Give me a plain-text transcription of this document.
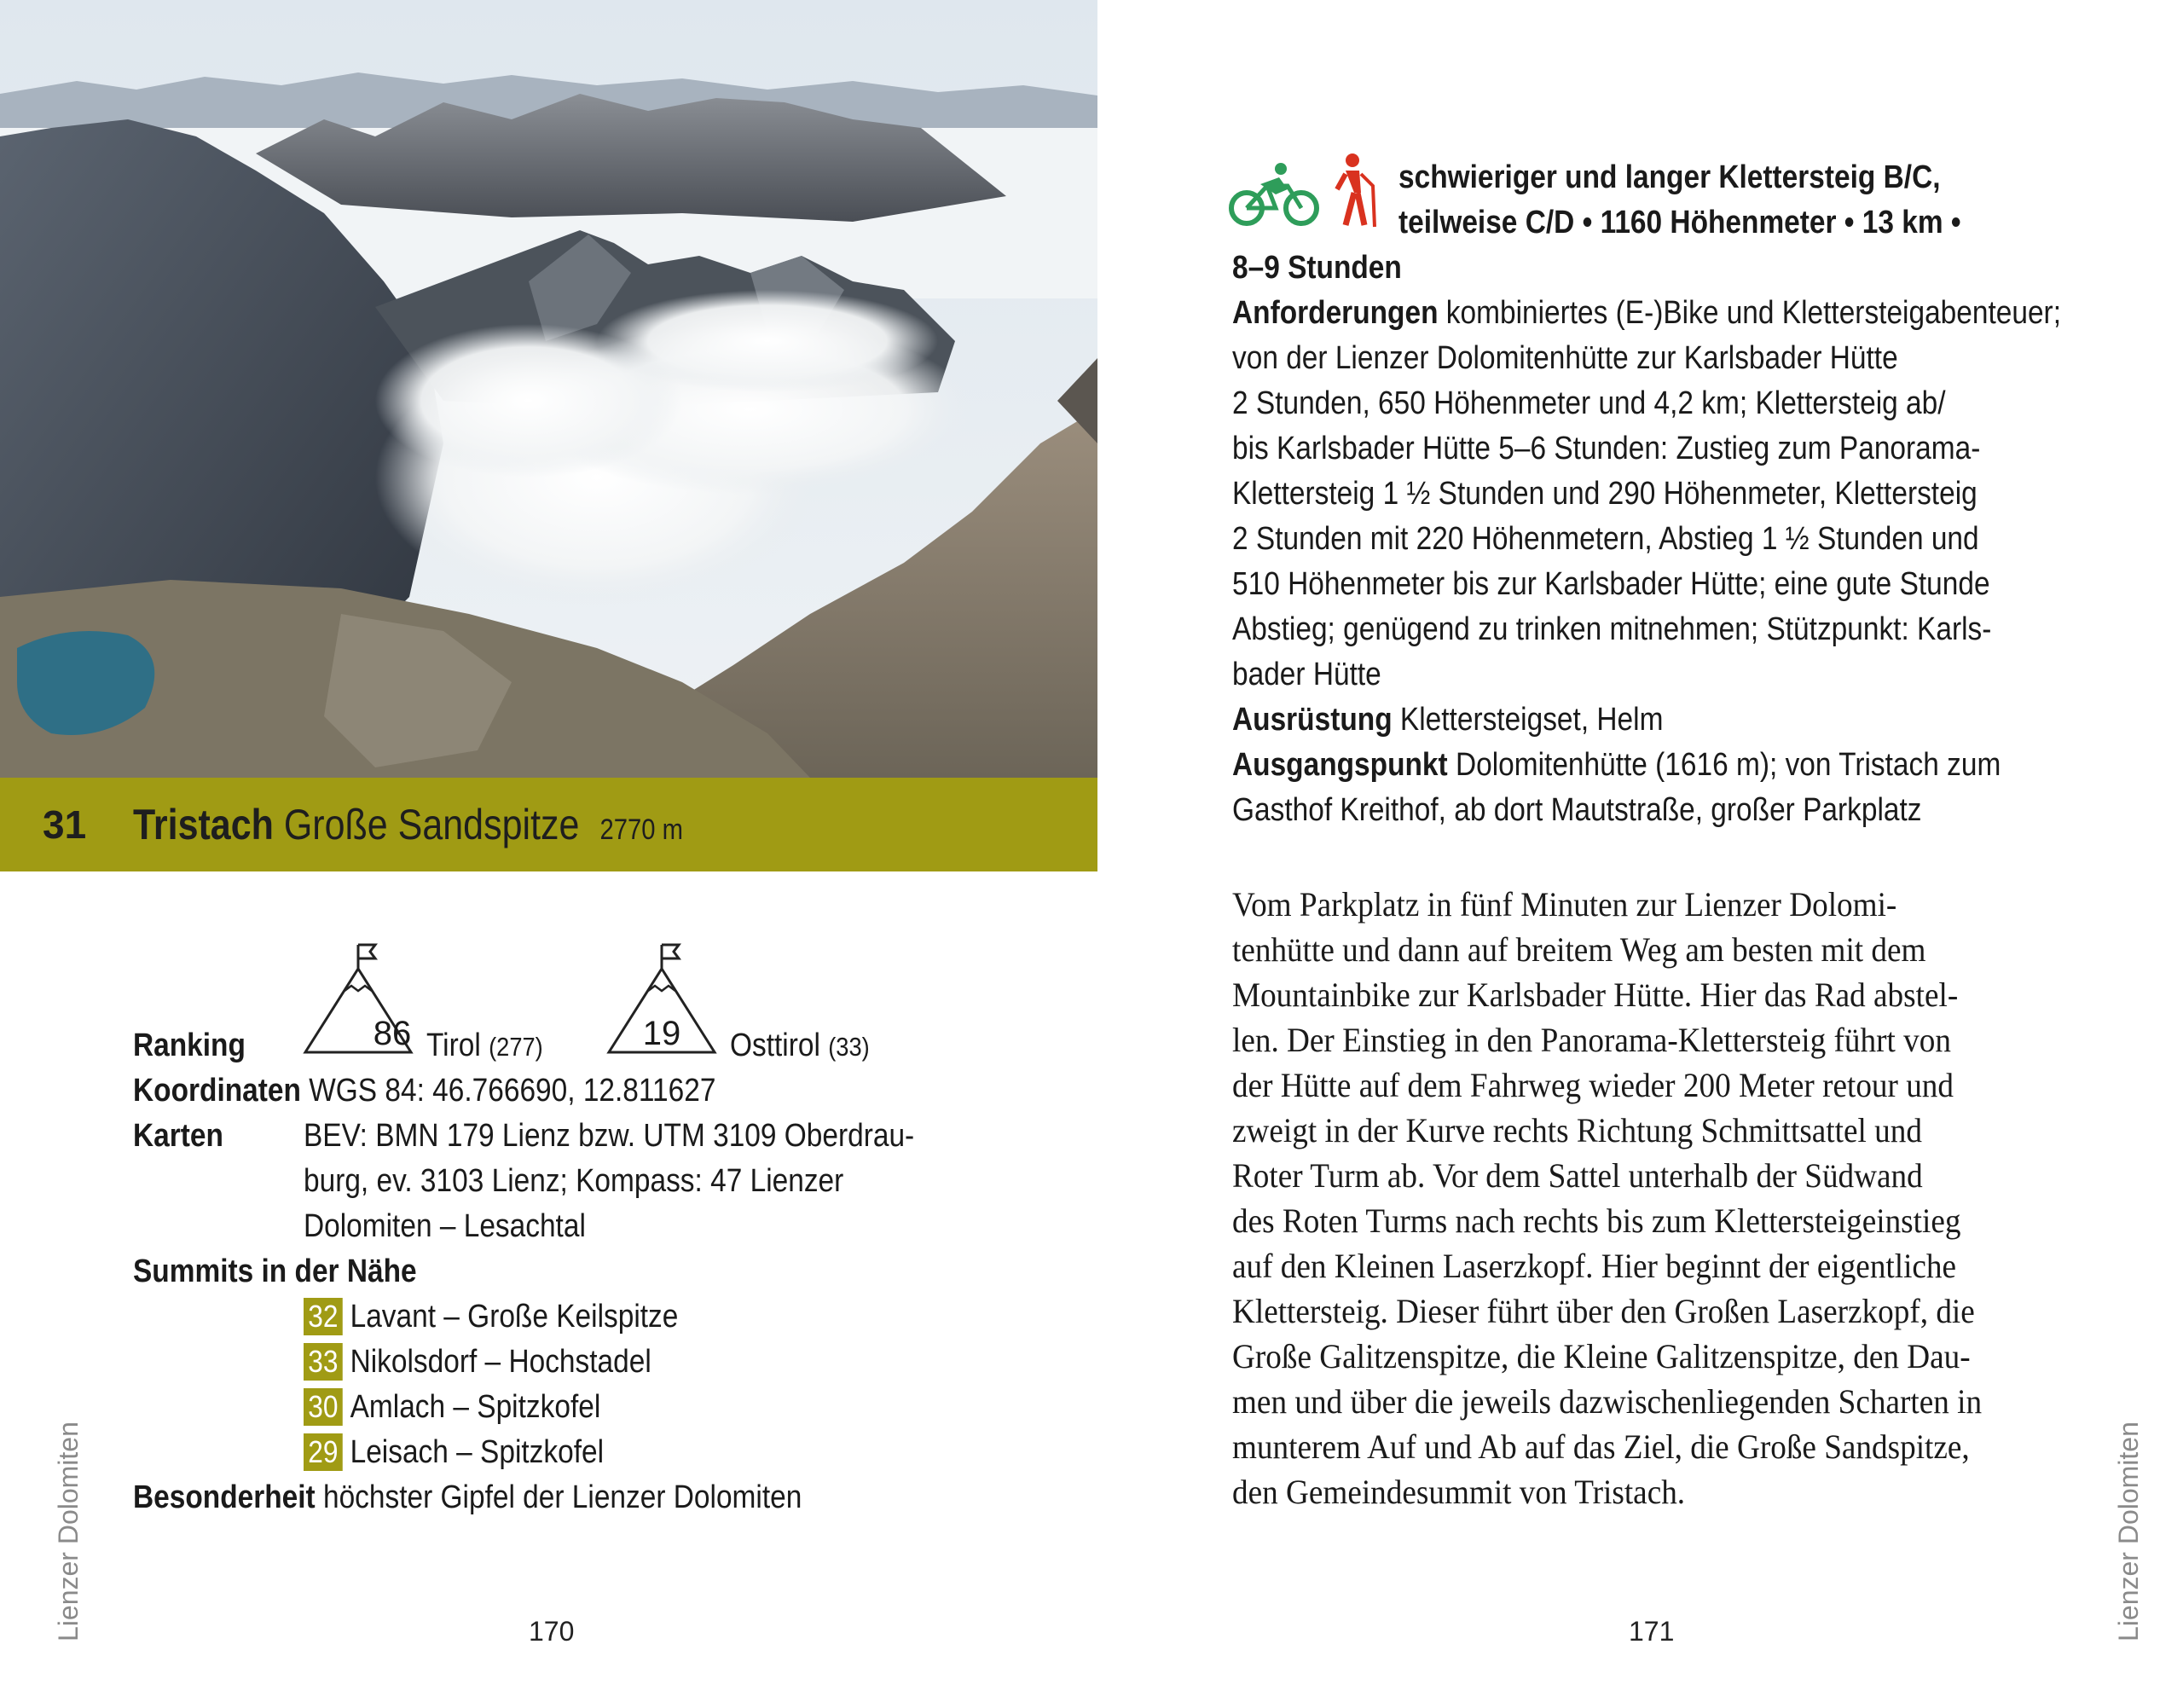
31 Tristach Große Sandspitze 2770 m
Ranking	86 Tirol (277)	19	Osttirol (33)
Koordinaten WGS 84: 46.766690, 12.811627
Karten	BEV: BMN 179 Lienz bzw. UTM 3109 Oberdrau-
burg, ev. 3103 Lienz; Kompass: 47 Lienzer
Dolomiten – Lesachtal
Summits in der Nähe
32 Lavant – Große Keilspitze
33 Nikolsdorf – Hochstadel
30 Amlach – Spitzkofel
29 Leisach – Spitzkofel
Besonderheit höchster Gipfel der Lienzer Dolomiten
Lienzer Dolomiten	170

schwieriger und langer Klettersteig B/C,
teilweise C/D • 1160 Höhenmeter • 13 km •
8–9 Stunden
Anforderungen kombiniertes (E-)Bike und Klettersteigabenteuer;
von der Lienzer Dolomitenhütte zur Karlsbader Hütte
2 Stunden, 650 Höhenmeter und 4,2 km; Klettersteig ab/
bis Karlsbader Hütte 5–6 Stunden: Zustieg zum Panorama-
Klettersteig 1 ½ Stunden und 290 Höhenmeter, Klettersteig
2 Stunden mit 220 Höhenmetern, Abstieg 1 ½ Stunden und
510 Höhenmeter bis zur Karlsbader Hütte; eine gute Stunde
Abstieg; genügend zu trinken mitnehmen; Stützpunkt: Karls-
bader Hütte
Ausrüstung Klettersteigset, Helm
Ausgangspunkt Dolomitenhütte (1616 m); von Tristach zum
Gasthof Kreithof, ab dort Mautstraße, großer Parkplatz
Vom Parkplatz in fünf Minuten zur Lienzer Dolomi-
tenhütte und dann auf breitem Weg am besten mit dem
Mountainbike zur Karlsbader Hütte. Hier das Rad abstel-
len. Der Einstieg in den Panorama-Klettersteig führt von
der Hütte auf dem Fahrweg wieder 200 Meter retour und
zweigt in der Kurve rechts Richtung Schmittsattel und
Roter Turm ab. Vor dem Sattel unterhalb der Südwand
des Roten Turms nach rechts bis zum Klettersteigeinstieg
auf den Kleinen Laserzkopf. Hier beginnt der eigentliche
Klettersteig. Dieser führt über den Großen Laserzkopf, die
Große Galitzenspitze, die Kleine Galitzenspitze, den Dau-
men und über die jeweils dazwischenliegenden Scharten in
munterem Auf und Ab auf das Ziel, die Große Sandspitze,
den Gemeindesummit von Tristach.	Lienzer Dolomiten
171
